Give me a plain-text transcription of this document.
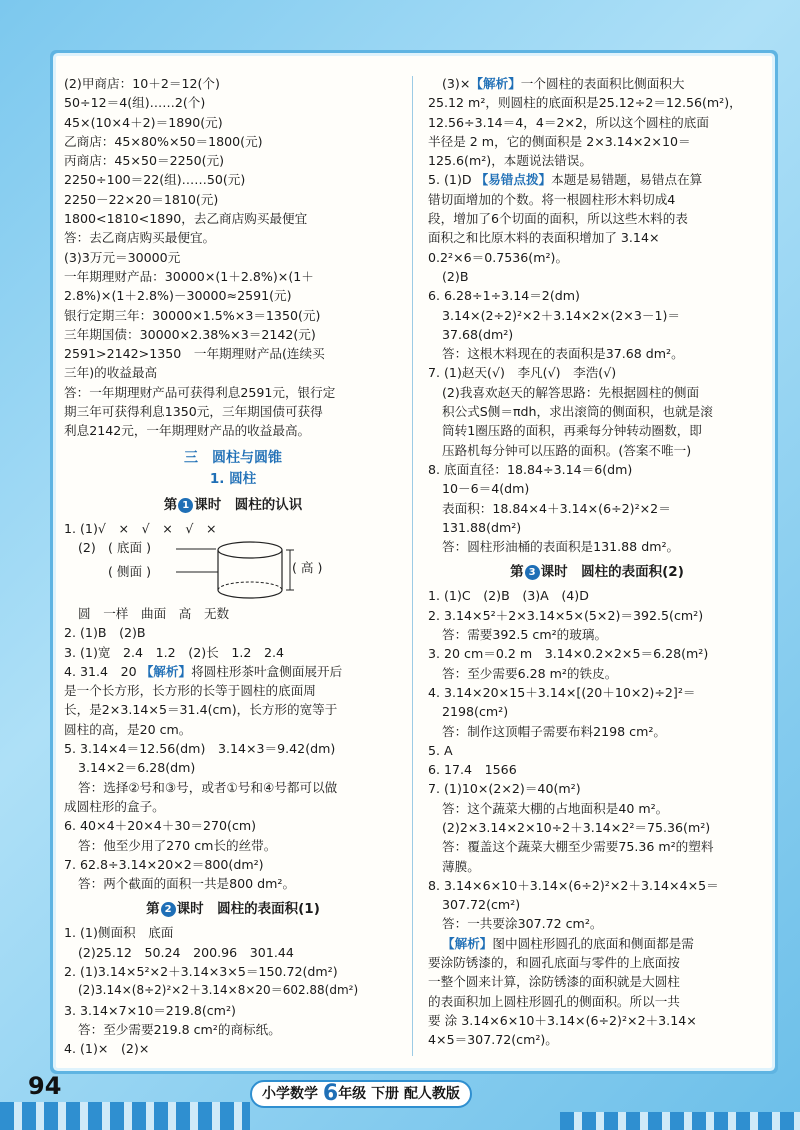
(2)甲商店：10＋2＝12(个)
50÷12＝4(组)……2(个)
45×(10×4＋2)＝1890(元)
乙商店：45×80%×50＝1800(元)
丙商店：45×50＝2250(元)
2250÷100＝22(组)……50(元)
2250－22×20＝1810(元)
1800<1810<1890，去乙商店购买最便宜
答：去乙商店购买最便宜。
(3)3万元＝30000元
一年期理财产品：30000×(1＋2.8%)×(1＋
2.8%)×(1＋2.8%)－30000≈2591(元)
银行定期三年：30000×1.5%×3＝1350(元)
三年期国债：30000×2.38%×3＝2142(元)
2591>2142>1350　一年期理财产品(连续买
三年)的收益最高
答：一年期理财产品可获得利息2591元，银行定
期三年可获得利息1350元，三年期国债可获得
利息2142元，一年期理财产品的收益最高。
三　圆柱与圆锥
1. 圆柱
第 1 课时　圆柱的认识
1. (1)√　×　√　×　√　×
(2) ( 底面 )
( 侧面 )	( 高 )
圆　一样　曲面　高　无数
2. (1)B　(2)B
3. (1)宽　2.4　1.2　(2)长　1.2　2.4
4. 31.4　20 【解析】将圆柱形茶叶盒侧面展开后
是一个长方形，长方形的长等于圆柱的底面周
长，是2×3.14×5＝31.4(cm)，长方形的宽等于
圆柱的高，是20 cm。
5. 3.14×4＝12.56(dm)　3.14×3＝9.42(dm)
3.14×2＝6.28(dm)
答：选择②号和③号，或者①号和④号都可以做
成圆柱形的盒子。
6. 40×4＋20×4＋30＝270(cm)
答：他至少用了270 cm长的丝带。
7. 62.8÷3.14×20×2＝800(dm²)
答：两个截面的面积一共是800 dm²。
第 2 课时　圆柱的表面积(1)
1. (1)侧面积　底面
(2)25.12　50.24　200.96　301.44
2. (1)3.14×5²×2＋3.14×3×5＝150.72(dm²)
(2)3.14×(8÷2)²×2＋3.14×8×20＝602.88(dm²)
3. 3.14×7×10＝219.8(cm²)
答：至少需要219.8 cm²的商标纸。
4. (1)×　(2)×
(3)×【解析】一个圆柱的表面积比侧面积大
25.12 m²，则圆柱的底面积是25.12÷2＝12.56(m²)，
12.56÷3.14＝4，4＝2×2，所以这个圆柱的底面
半径是 2 m，它的侧面积是 2×3.14×2×10＝
125.6(m²)，本题说法错误。
5. (1)D 【易错点拨】本题是易错题，易错点在算
错切面增加的个数。将一根圆柱形木料切成4
段，增加了6个切面的面积，所以这些木料的表
面积之和比原木料的表面积增加了 3.14×
0.2²×6＝0.7536(m²)。
(2)B
6. 6.28÷1÷3.14＝2(dm)
3.14×(2÷2)²×2＋3.14×2×(2×3－1)＝
37.68(dm²)
答：这根木料现在的表面积是37.68 dm²。
7. (1)赵天(√)　李凡(√)　李浩(√)
(2)我喜欢赵天的解答思路：先根据圆柱的侧面
积公式S侧＝πdh，求出滚筒的侧面积，也就是滚
筒转1圈压路的面积，再乘每分钟转动圈数，即
压路机每分钟可以压路的面积。(答案不唯一)
8. 底面直径：18.84÷3.14＝6(dm)
10－6＝4(dm)
表面积：18.84×4＋3.14×(6÷2)²×2＝
131.88(dm²)
答：圆柱形油桶的表面积是131.88 dm²。
第 3 课时　圆柱的表面积(2)
1. (1)C　(2)B　(3)A　(4)D
2. 3.14×5²＋2×3.14×5×(5×2)＝392.5(cm²)
答：需要392.5 cm²的玻璃。
3. 20 cm＝0.2 m　3.14×0.2×2×5＝6.28(m²)
答：至少需要6.28 m²的铁皮。
4. 3.14×20×15＋3.14×[(20＋10×2)÷2]²＝
2198(cm²)
答：制作这顶帽子需要布料2198 cm²。
5. A
6. 17.4　1566
7. (1)10×(2×2)＝40(m²)
答：这个蔬菜大棚的占地面积是40 m²。
(2)2×3.14×2×10÷2＋3.14×2²＝75.36(m²)
答：覆盖这个蔬菜大棚至少需要75.36 m²的塑料
薄膜。
8. 3.14×6×10＋3.14×(6÷2)²×2＋3.14×4×5＝
307.72(cm²)
答：一共要涂307.72 cm²。
【解析】图中圆柱形圆孔的底面和侧面都是需
要涂防锈漆的，和圆孔底面与零件的上底面按
一整个圆来计算，涂防锈漆的面积就是大圆柱
的表面积加上圆柱形圆孔的侧面积。所以一共
要 涂 3.14×6×10＋3.14×(6÷2)²×2＋3.14×
4×5＝307.72(cm²)。
94	小学数学 6年级 下册 配人教版
